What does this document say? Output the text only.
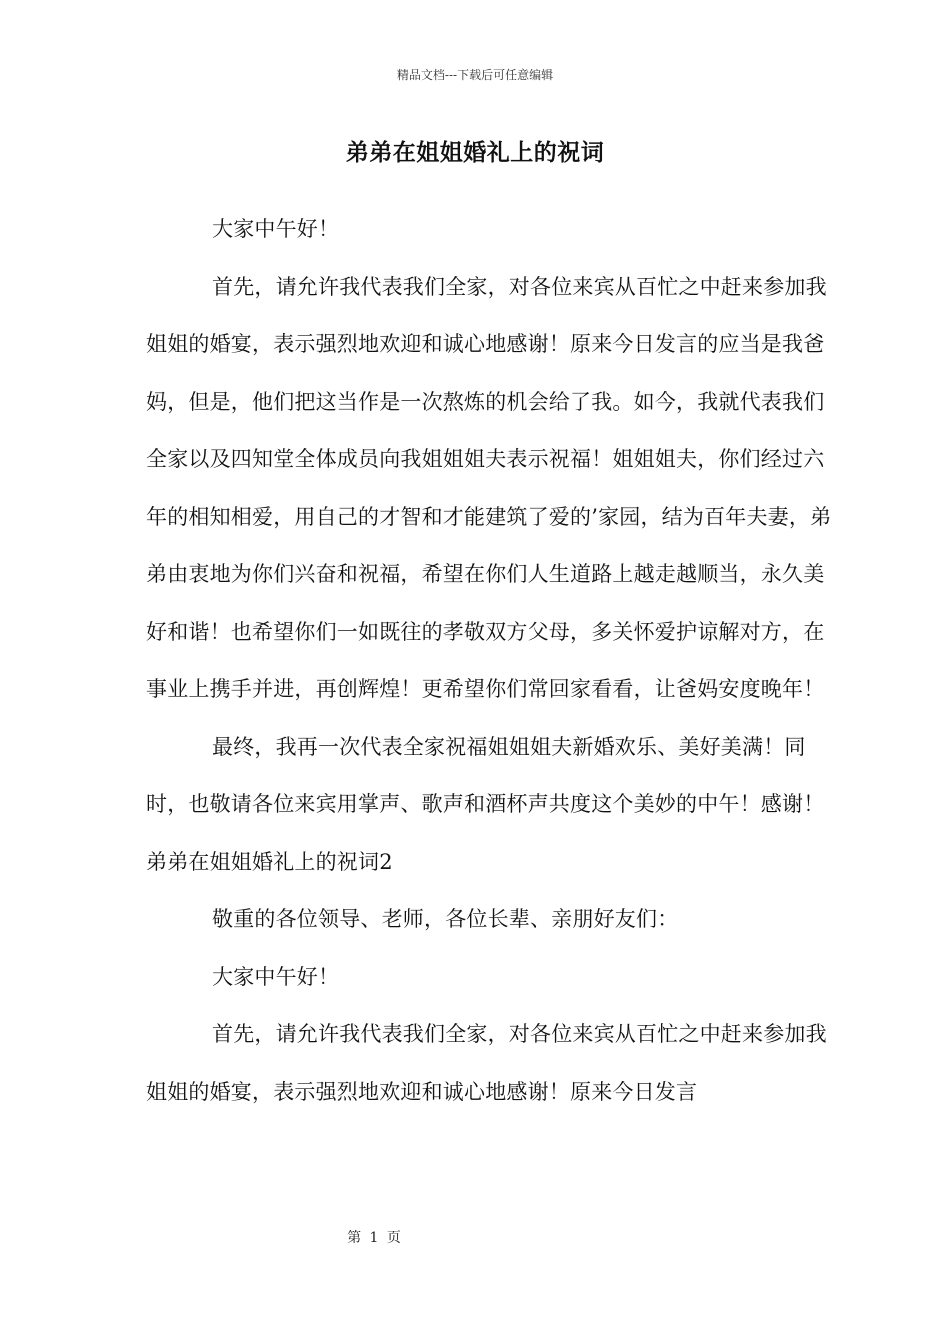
精品文档---下载后可任意编辑
弟弟在姐姐婚礼上的祝词

大家中午好！

首先，请允许我代表我们全家，对各位来宾从百忙之中赶来参加我姐姐的婚宴，表示强烈地欢迎和诚心地感谢！原来今日发言的应当是我爸妈，但是，他们把这当作是一次熬炼的机会给了我。如今，我就代表我们全家以及四知堂全体成员向我姐姐姐夫表示祝福！姐姐姐夫，你们经过六年的相知相爱，用自己的才智和才能建筑了爱的’家园，结为百年夫妻，弟弟由衷地为你们兴奋和祝福，希望在你们人生道路上越走越顺当，永久美好和谐！也希望你们一如既往的孝敬双方父母，多关怀爱护谅解对方，在事业上携手并进，再创辉煌！更希望你们常回家看看，让爸妈安度晚年！

最终，我再一次代表全家祝福姐姐姐夫新婚欢乐、美好美满！同时，也敬请各位来宾用掌声、歌声和酒杯声共度这个美妙的中午！感谢！

弟弟在姐姐婚礼上的祝词2

敬重的各位领导、老师，各位长辈、亲朋好友们：

大家中午好！

首先，请允许我代表我们全家，对各位来宾从百忙之中赶来参加我姐姐的婚宴，表示强烈地欢迎和诚心地感谢！原来今日发言

第 1 页
